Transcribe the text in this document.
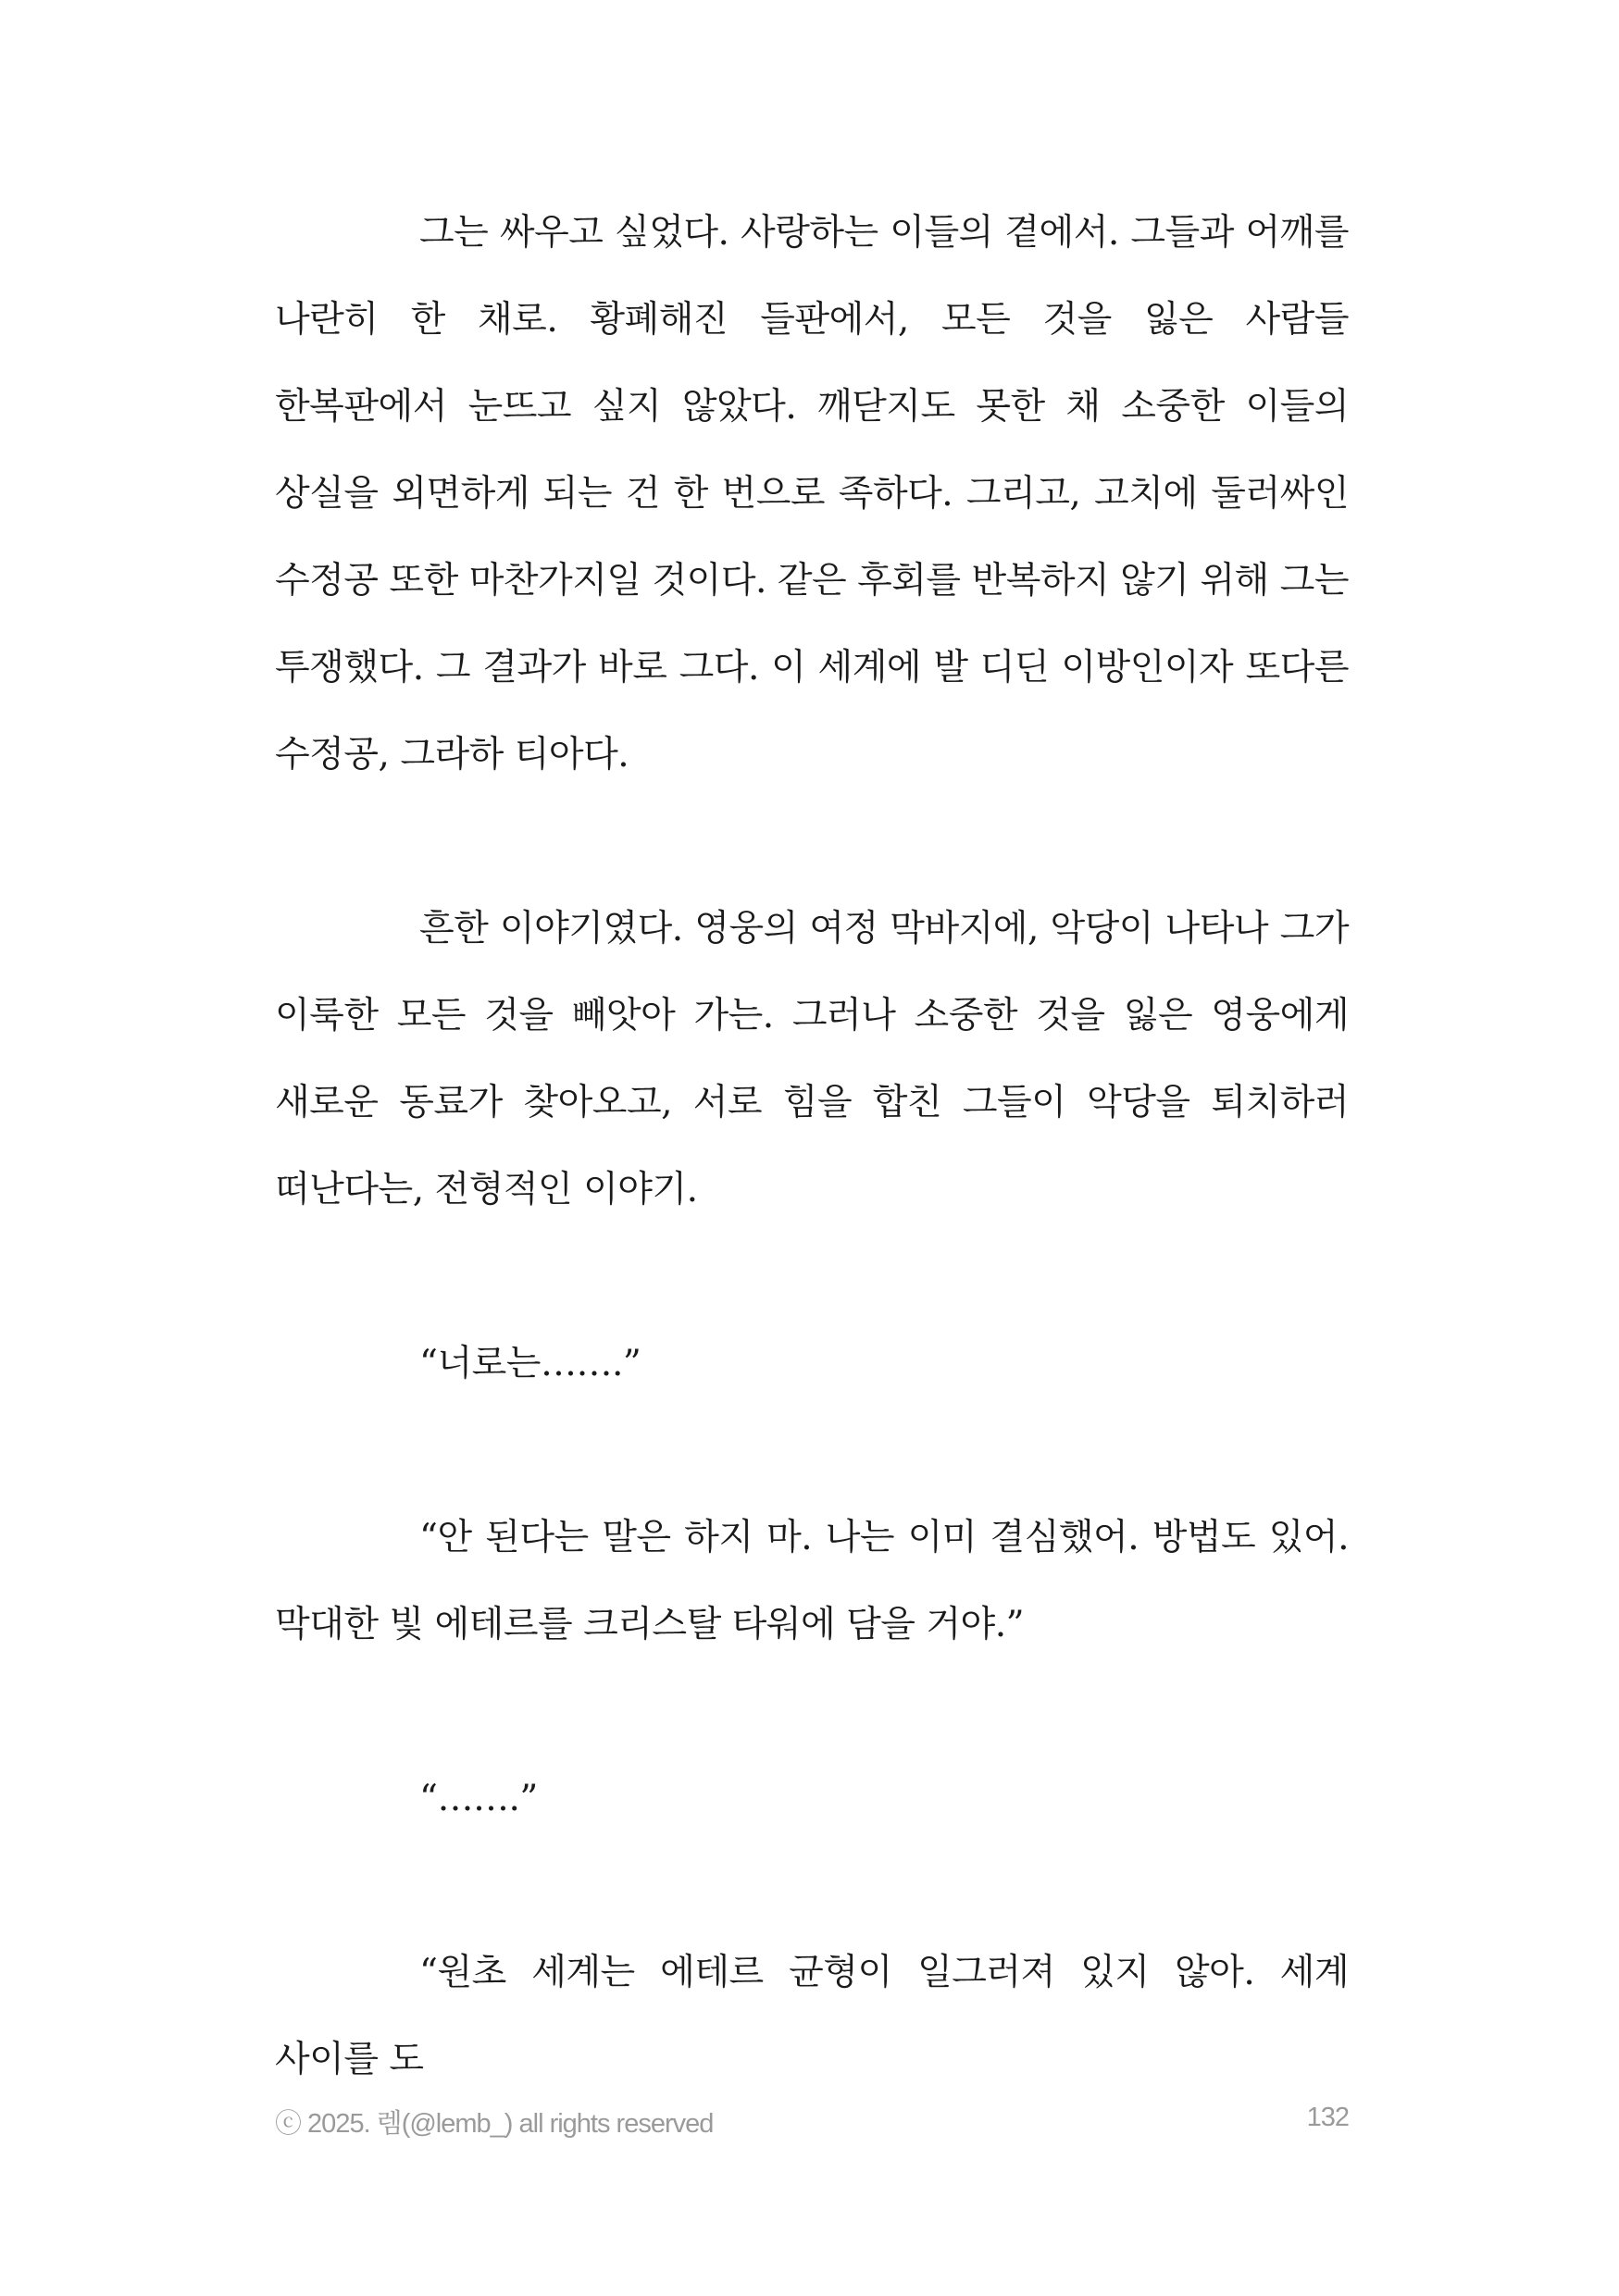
그는 싸우고 싶었다. 사랑하는 이들의 곁에서. 그들과 어깨를 나란히 한 채로. 황폐해진 들판에서, 모든 것을 잃은 사람들 한복판에서 눈뜨고 싶지 않았다. 깨닫지도 못한 채 소중한 이들의 상실을 외면하게 되는 건 한 번으로 족하다. 그리고, 고치에 둘러싸인 수정공 또한 마찬가지일 것이다. 같은 후회를 반복하지 않기 위해 그는 투쟁했다. 그 결과가 바로 그다. 이 세계에 발 디딘 이방인이자 또다른 수정공, 그라하 티아다.

흔한 이야기였다. 영웅의 여정 막바지에, 악당이 나타나 그가 이룩한 모든 것을 빼앗아 가는. 그러나 소중한 것을 잃은 영웅에게 새로운 동료가 찾아오고, 서로 힘을 합친 그들이 악당을 퇴치하러 떠난다는, 전형적인 이야기.

“너로는…….”

“안 된다는 말은 하지 마. 나는 이미 결심했어. 방법도 있어. 막대한 빛 에테르를 크리스탈 타워에 담을 거야.”

“…….”

“원초 세계는 에테르 균형이 일그러져 있지 않아. 세계 사이를 도

ⓒ 2025. 렘(@lemb_) all rights reserved	132
